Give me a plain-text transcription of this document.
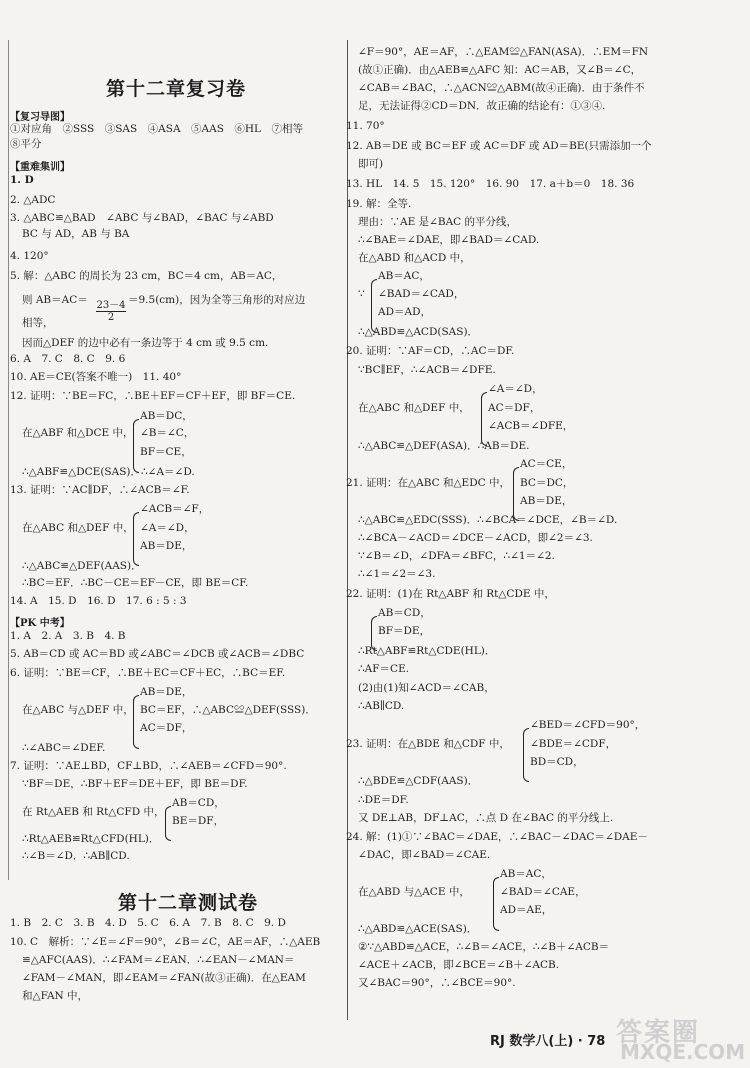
第十二章复习卷
第十二章测试卷
【复习导图】
①对应角　②SSS　③SAS　④ASA　⑤AAS　⑥HL　⑦相等
⑧平分
【重难集训】
1. D
2. △ADC
3. △ABC≌△BAD　∠ABC 与∠BAD，∠BAC 与∠ABD
BC 与 AD，AB 与 BA
4. 120°
5. 解：△ABC 的周长为 23 cm，BC＝4 cm，AB＝AC，
则 AB＝AC＝	＝9.5(cm)，因为全等三角形的对应边
相等，
因而△DEF 的边中必有一条边等于 4 cm 或 9.5 cm.
6. A　7. C　8. C　9. 6
10. AE＝CE(答案不唯一)　11. 40°
12. 证明：∵BE＝FC，∴BE＋EF＝CF＋EF，即 BF＝CE.
AB＝DC，
在△ABF 和△DCE 中， ∠B＝∠C，
BF＝CE，
∴△ABF≌△DCE(SAS)．∴∠A＝∠D.
13. 证明：∵AC∥DF，∴∠ACB＝∠F.
∠ACB＝∠F，
在△ABC 和△DEF 中， ∠A＝∠D，
AB＝DE，
∴△ABC≌△DEF(AAS)．
∴BC＝EF．∴BC－CE＝EF－CE，即 BE＝CF.
14. A　15. D　16. D　17. 6 : 5 : 3
【PK 中考】
1. A　2. A　3. B　4. B
5. AB＝CD 或 AC＝BD 或∠ABC＝∠DCB 或∠ACB＝∠DBC
6. 证明：∵BE＝CF，∴BE＋EC＝CF＋EC，∴BC＝EF.
AB＝DE，
在△ABC 与△DEF 中， BC＝EF，∴△ABC≌△DEF(SSS)．
AC＝DF，
∴∠ABC＝∠DEF.
7. 证明：∵AE⊥BD，CF⊥BD，∴∠AEB＝∠CFD＝90°.
∵BF＝DE，∴BF＋EF＝DE＋EF，即 BE＝DF.
AB＝CD，
在 Rt△AEB 和 Rt△CFD 中，
BE＝DF，
∴Rt△AEB≌Rt△CFD(HL)．
∴∠B＝∠D．∴AB∥CD.
1. B　2. C　3. B　4. D　5. C　6. A　7. B　8. C　9. D
10. C　解析：∵∠E＝∠F＝90°，∠B＝∠C，AE＝AF，∴△AEB
≌△AFC(AAS)．∴∠FAM＝∠EAN．∴∠EAN－∠MAN＝
∠FAM－∠MAN，即∠EAM＝∠FAN(故③正确)．在△EAM
和△FAN 中，
∠F＝90°，AE＝AF，∴△EAM≌△FAN(ASA)．∴EM＝FN
(故①正确)．由△AEB≌△AFC 知：AC＝AB，又∠B＝∠C，
∠CAB＝∠BAC，∴△ACN≌△ABM(故④正确)．由于条件不
足，无法证得②CD＝DN．故正确的结论有：①③④.
11. 70°
12. AB＝DE 或 BC＝EF 或 AC＝DF 或 AD＝BE(只需添加一个
即可)
13. HL　14. 5　15. 120°　16. 90　17. a＋b＝0　18. 36
19. 解：全等.
理由：∵AE 是∠BAC 的平分线，
∴∠BAE＝∠DAE，即∠BAD＝∠CAD.
在△ABD 和△ACD 中，
AB＝AC，
∵ ∠BAD＝∠CAD，
AD＝AD，
∴△ABD≌△ACD(SAS)．
20. 证明：∵AF＝CD，∴AC＝DF.
∵BC∥EF，∴∠ACB＝∠DFE.
∠A＝∠D，
在△ABC 和△DEF 中， AC＝DF，
∠ACB＝∠DFE，
∴△ABC≌△DEF(ASA)．∴AB＝DE.
AC＝CE，
21. 证明：在△ABC 和△EDC 中， BC＝DC，
AB＝DE，
∴△ABC≌△EDC(SSS)．∴∠BCA＝∠DCE，∠B＝∠D.
∴∠BCA－∠ACD＝∠DCE－∠ACD，即∠2＝∠3.
∵∠B＝∠D，∠DFA＝∠BFC，∴∠1＝∠2.
∴∠1＝∠2＝∠3.
22. 证明：(1)在 Rt△ABF 和 Rt△CDE 中，
AB＝CD，
BF＝DE，
∴Rt△ABF≌Rt△CDE(HL)．
∴AF＝CE.
(2)由(1)知∠ACD＝∠CAB，
∴AB∥CD.
∠BED＝∠CFD＝90°，
23. 证明：在△BDE 和△CDF 中， ∠BDE＝∠CDF，
BD＝CD，
∴△BDE≌△CDF(AAS)．
∴DE＝DF.
又 DE⊥AB，DF⊥AC，∴点 D 在∠BAC 的平分线上.
24. 解：(1)①∵∠BAC＝∠DAE，∴∠BAC－∠DAC＝∠DAE－
∠DAC，即∠BAD＝∠CAE.
AB＝AC，
在△ABD 与△ACE 中，	∠BAD＝∠CAE，
AD＝AE，
∴△ABD≌△ACE(SAS)．
②∵△ABD≌△ACE，∴∠B＝∠ACE，∴∠B＋∠ACB＝
∠ACE＋∠ACB，即∠BCE＝∠B＋∠ACB.
又∠BAC＝90°，∴∠BCE＝90°.
$\frac{23-4}{2}$
RJ 数学八(上) · 78 答案圈
MXQE.COM
